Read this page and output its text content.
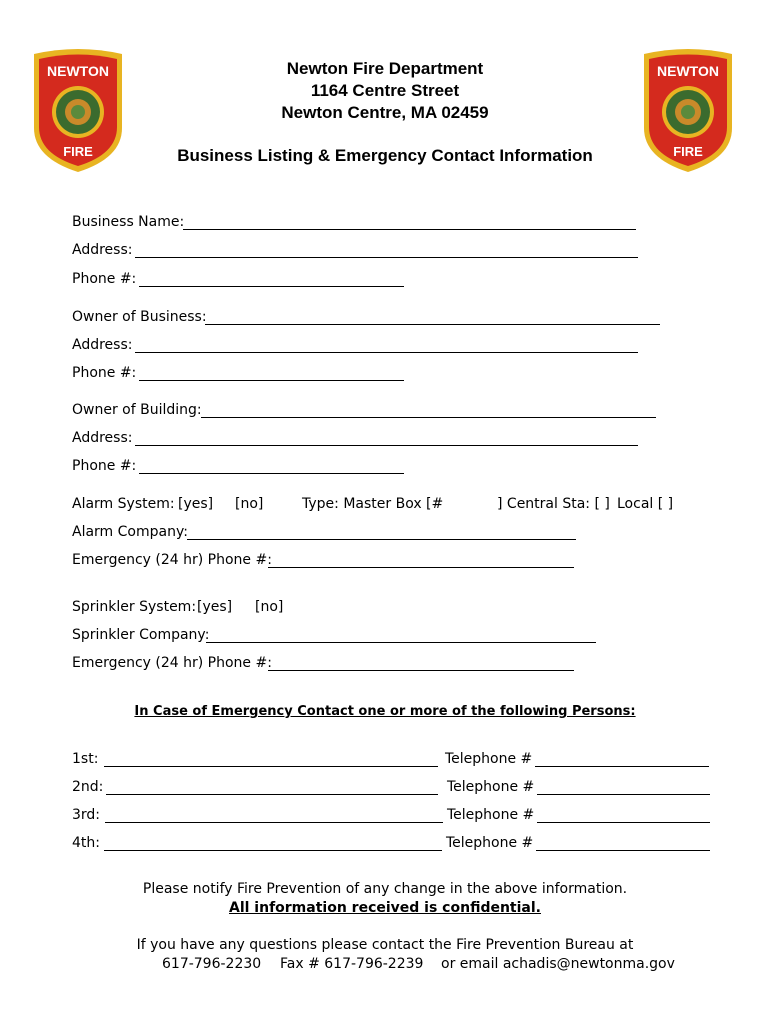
NEWTON
FIRE
NEWTON
FIRE
Newton Fire Department
1164 Centre Street
Newton Centre, MA 02459
Business Listing & Emergency Contact Information
Business Name:
Address:
Phone #:
Owner of Business:
Address:
Phone #:
Owner of Building:
Address:
Phone #:
Alarm System: [yes] [no]	Type: Master Box [#	] Central Sta: [ ] Local [ ]
Alarm Company:
Emergency (24 hr) Phone #:
Sprinkler System: [yes] [no]
Sprinkler Company:
Emergency (24 hr) Phone #:
In Case of Emergency Contact one or more of the following Persons:
1st:	Telephone #
2nd:	Telephone #
3rd:	Telephone #
4th:	Telephone #
Please notify Fire Prevention of any change in the above information.
All information received is confidential.
If you have any questions please contact the Fire Prevention Bureau at
617-796-2230 Fax # 617-796-2239 or email achadis@newtonma.gov
